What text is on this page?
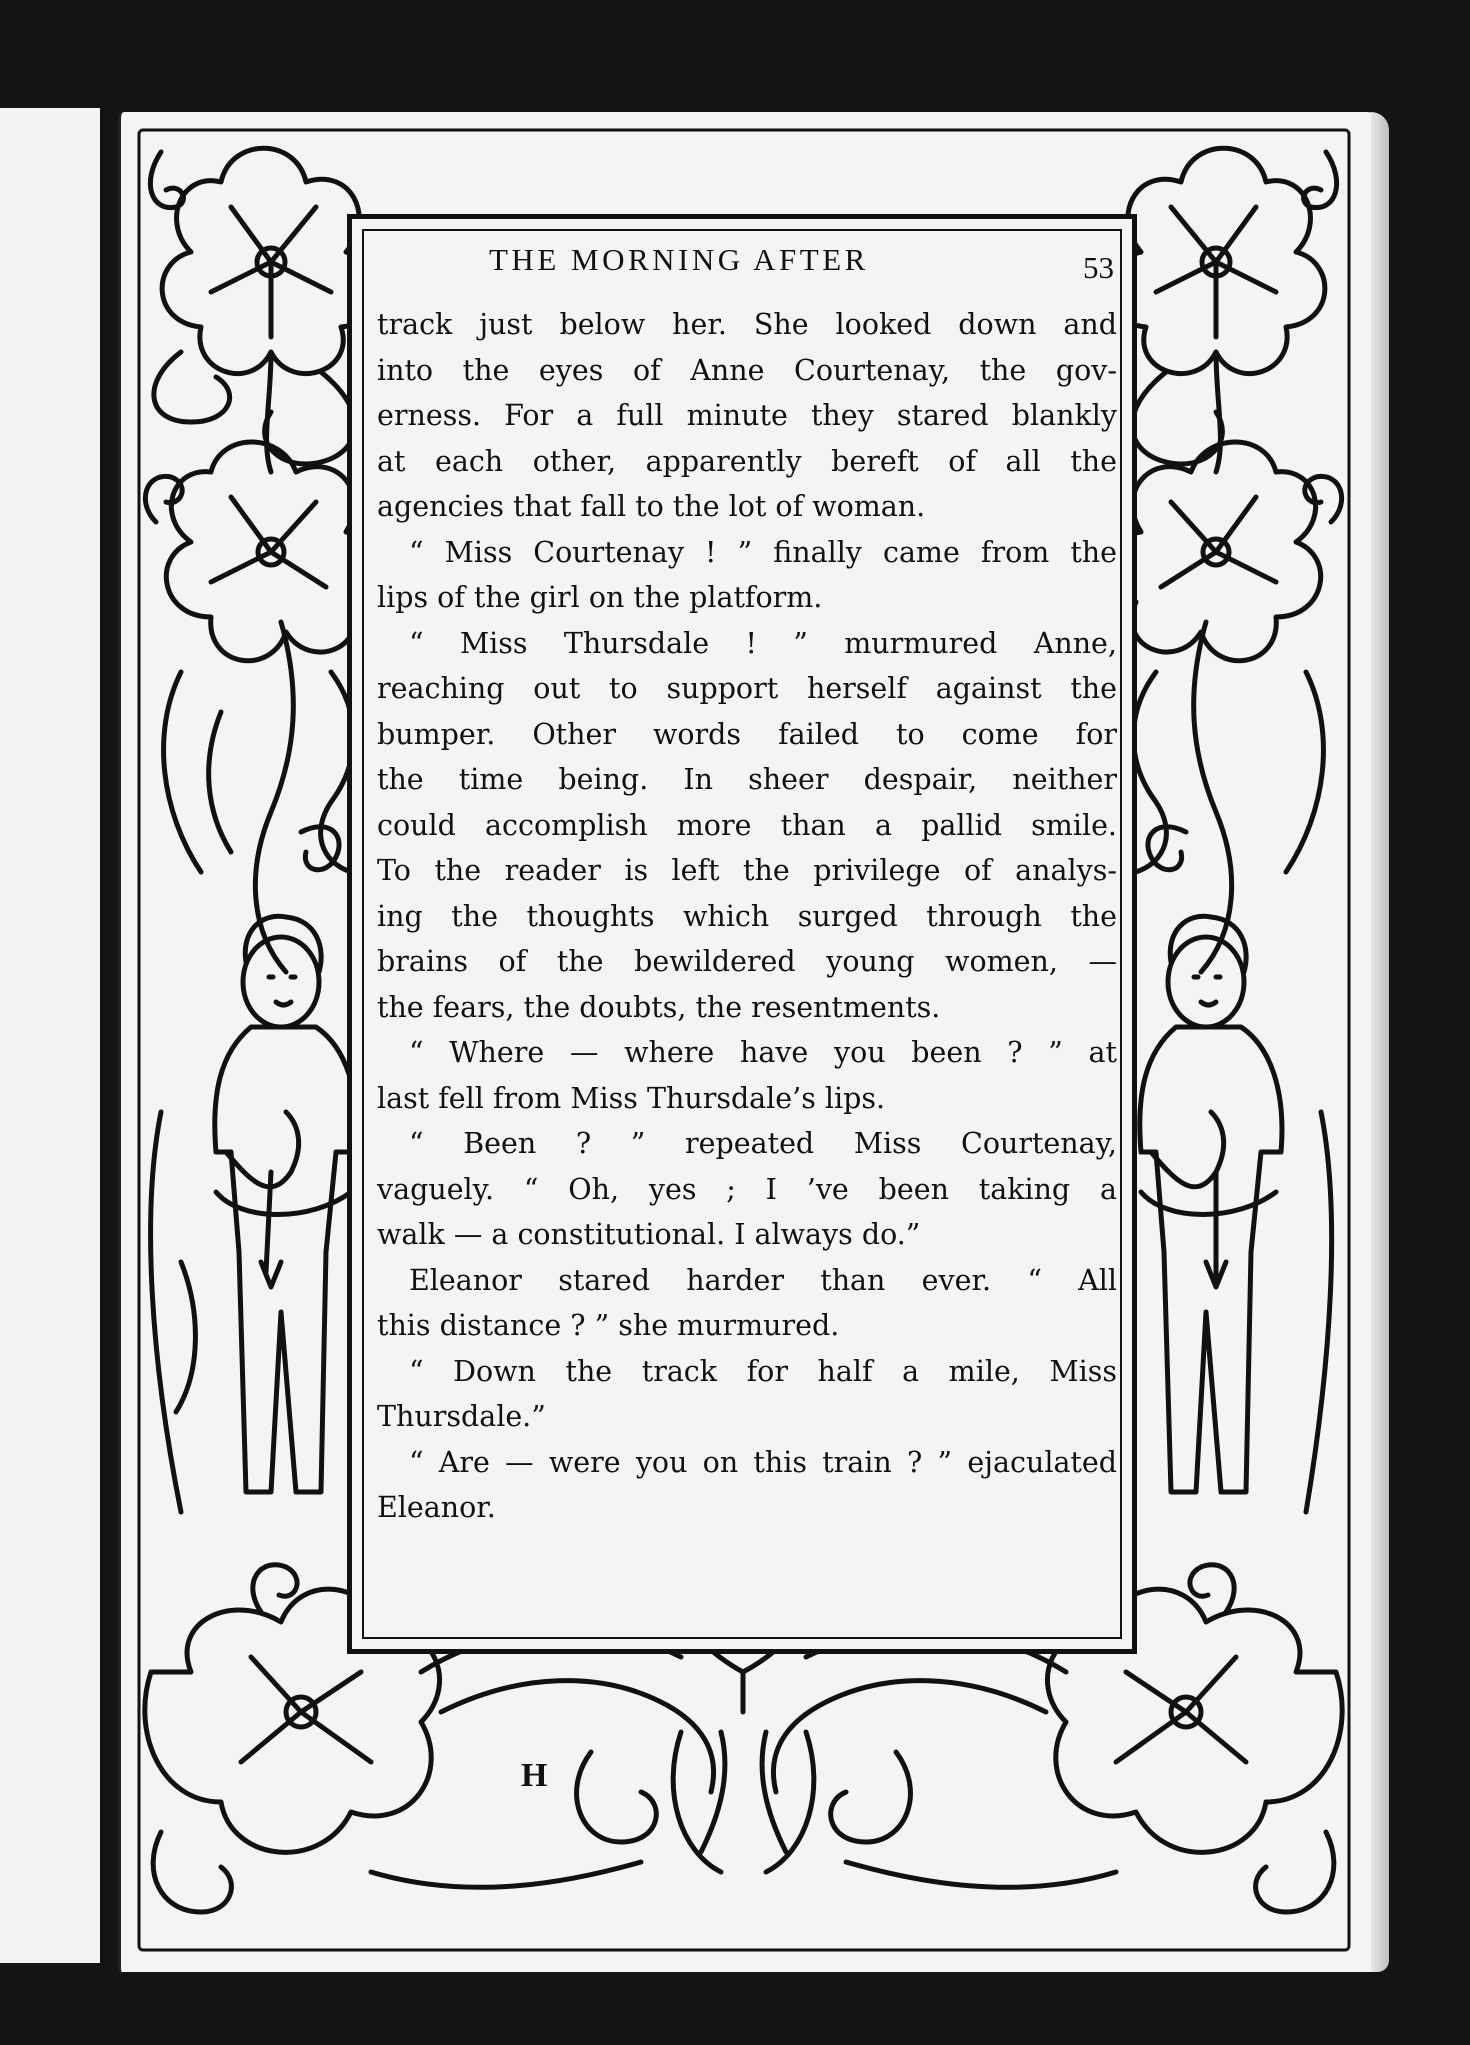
THE MORNING AFTER	53
track just below her. She looked down and
into the eyes of Anne Courtenay, the gov-
erness. For a full minute they stared blankly
at each other, apparently bereft of all the
agencies that fall to the lot of woman.
“ Miss Courtenay ! ” finally came from the
lips of the girl on the platform.
“ Miss Thursdale ! ” murmured Anne,
reaching out to support herself against the
bumper. Other words failed to come for
the time being. In sheer despair, neither
could accomplish more than a pallid smile.
To the reader is left the privilege of analys-
ing the thoughts which surged through the
brains of the bewildered young women, —
the fears, the doubts, the resentments.
“ Where — where have you been ? ” at
last fell from Miss Thursdale’s lips.
“ Been ? ” repeated Miss Courtenay,
vaguely. “ Oh, yes ; I ’ve been taking a
walk — a constitutional. I always do.”
Eleanor stared harder than ever. “ All
this distance ? ” she murmured.
“ Down the track for half a mile, Miss
Thursdale.”
“ Are — were you on this train ? ” ejaculated
Eleanor.
H
